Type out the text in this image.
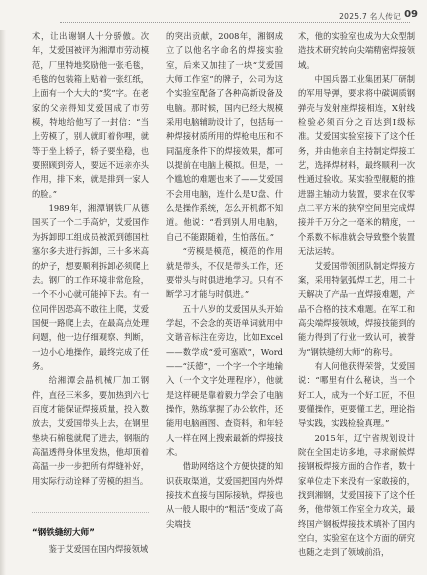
2025.7 名人传记 09

术，让出谢钢人十分骄傲。次年，艾爱国被评为湘潭市劳动模范，厂里特地奖励他一张毛毯，毛毯的包装箱上贴着一张红纸，上面有一个大大的“奖”字。在老家的父亲得知艾爱国成了市劳模，特地给他写了一封信：“当上劳模了，别人就盯着你哩，就等于坐上轿子，轿子要坐稳，也要照顾到旁人，要远不远亲亦头作用，排下来，就是排到一家人的脸。”

1989年，湘潭钢铁厂从德国买了一个二手高炉，艾爱国作为拆卸即工组成员被派到德国杜塞尔多夫进行拆卸，三十多米高的炉子，想要顺利拆卸必须爬上去。钢厂的工作环境非常危险，一个不小心就可能掉下去。有一位同伴因恐高不敢往上爬，艾爱国便一路爬上去，在最高点处理问题，他一边仔细观察、判断，一边小心地操作，最终完成了任务。

给湘潭会晶机械厂加工钢件，直径三米多，要加热到六七百度才能保证焊接质量，投入数放去，艾爱国带头上去，在钢里垫块石棉毯就爬了进去，钢瓶的高温透得身体里发热，他却顶着高温一步一步把所有焊缝补好，用实际行动诠释了劳模的担当。

“钢铁缝纫大师”

鉴于艾爱国在国内焊接领域

的突出贡献，2008年，湘钢成立了以他名字命名的焊接实验室，后来又加挂了一块“艾爱国大师工作室”的牌子，公司为这个实验室配备了各种高新设备及电脑。那时候，国内已经大规模采用电脑辅助设计了，包括每一种焊接材质所用的焊枪电压和不同温度条件下的焊接效果，都可以提前在电脑上模拟。但是，一个尴尬的难题也来了——艾爱国不会用电脑，连什么是U盘、什么是操作系统，怎么开机都不知道。他说：“看到别人用电脑，自己不能跟随着，生怕落伍。”

“劳模是模范，模范的作用就是带头，不仅是带头工作，还要带头与时俱进地学习。只有不断学习才能与时俱进。”

五十八岁的艾爱国从头开始学起，不会念的英语单词就用中文谐音标注在旁边，比如Excel——数学成“爱可塞欧”，Word——“沃德”，一个字一个字地输入（一个文字处理程序），他就是这样硬是靠着毅力学会了电脑操作，熟练掌握了办公软件，还能用电脑画图、查资料，和年轻人一样在网上搜索最新的焊接技术。

借助网络这个方便快捷的知识获取渠道，艾爱国把国内外焊接技术直接与国际接轨，焊接也从一般人眼中的“粗活”变成了高尖端技

术，他的实验室也成为大众型制造技术研究转向尖端精密焊接领域。

中国兵器工业集团某厂研制的军用导弹，要求将中碳调质钢弹壳与发射座焊接相连，X射线检验必须百分之百达到I级标准。艾爱国实验室接下了这个任务，并由他亲自主持制定焊接工艺，选择焊材料，最终顺利一次性通过验收。某实验型舰艇的推进器主轴动力装置，要求在仅零点二平方米的狭窄空间里完成焊接并千万分之一毫米的精度，一个系数不标准就会导致整个装置无法运转。

艾爱国带领团队制定焊接方案，采用特氩弧焊工艺，用二十天解决了产品一直焊接难题，产品不合格的技术难题。在军工和高尖端焊接领域，焊接技能到的能力得到了行业一致认可，被誉为“钢铁缝纫大师”的称号。

有人问他获得荣誉，艾爱国说：“哪里有什么秘诀，当一个好工人，成为一个好工匠，不但要懂操作，更要懂工艺，理论指导实践，实践检验真理。”

2015年，辽宁省规划设计院在全国走访多地，寻求耐候焊接钢板焊接方面的合作者，数十家单位走下来没有一家敢接的，找到湘钢，艾爱国接下了这个任务，他带领工作室全力攻关，最终国产钢板焊接技术填补了国内空白，实验室在这个方面的研究也随之走到了领域前沿，
